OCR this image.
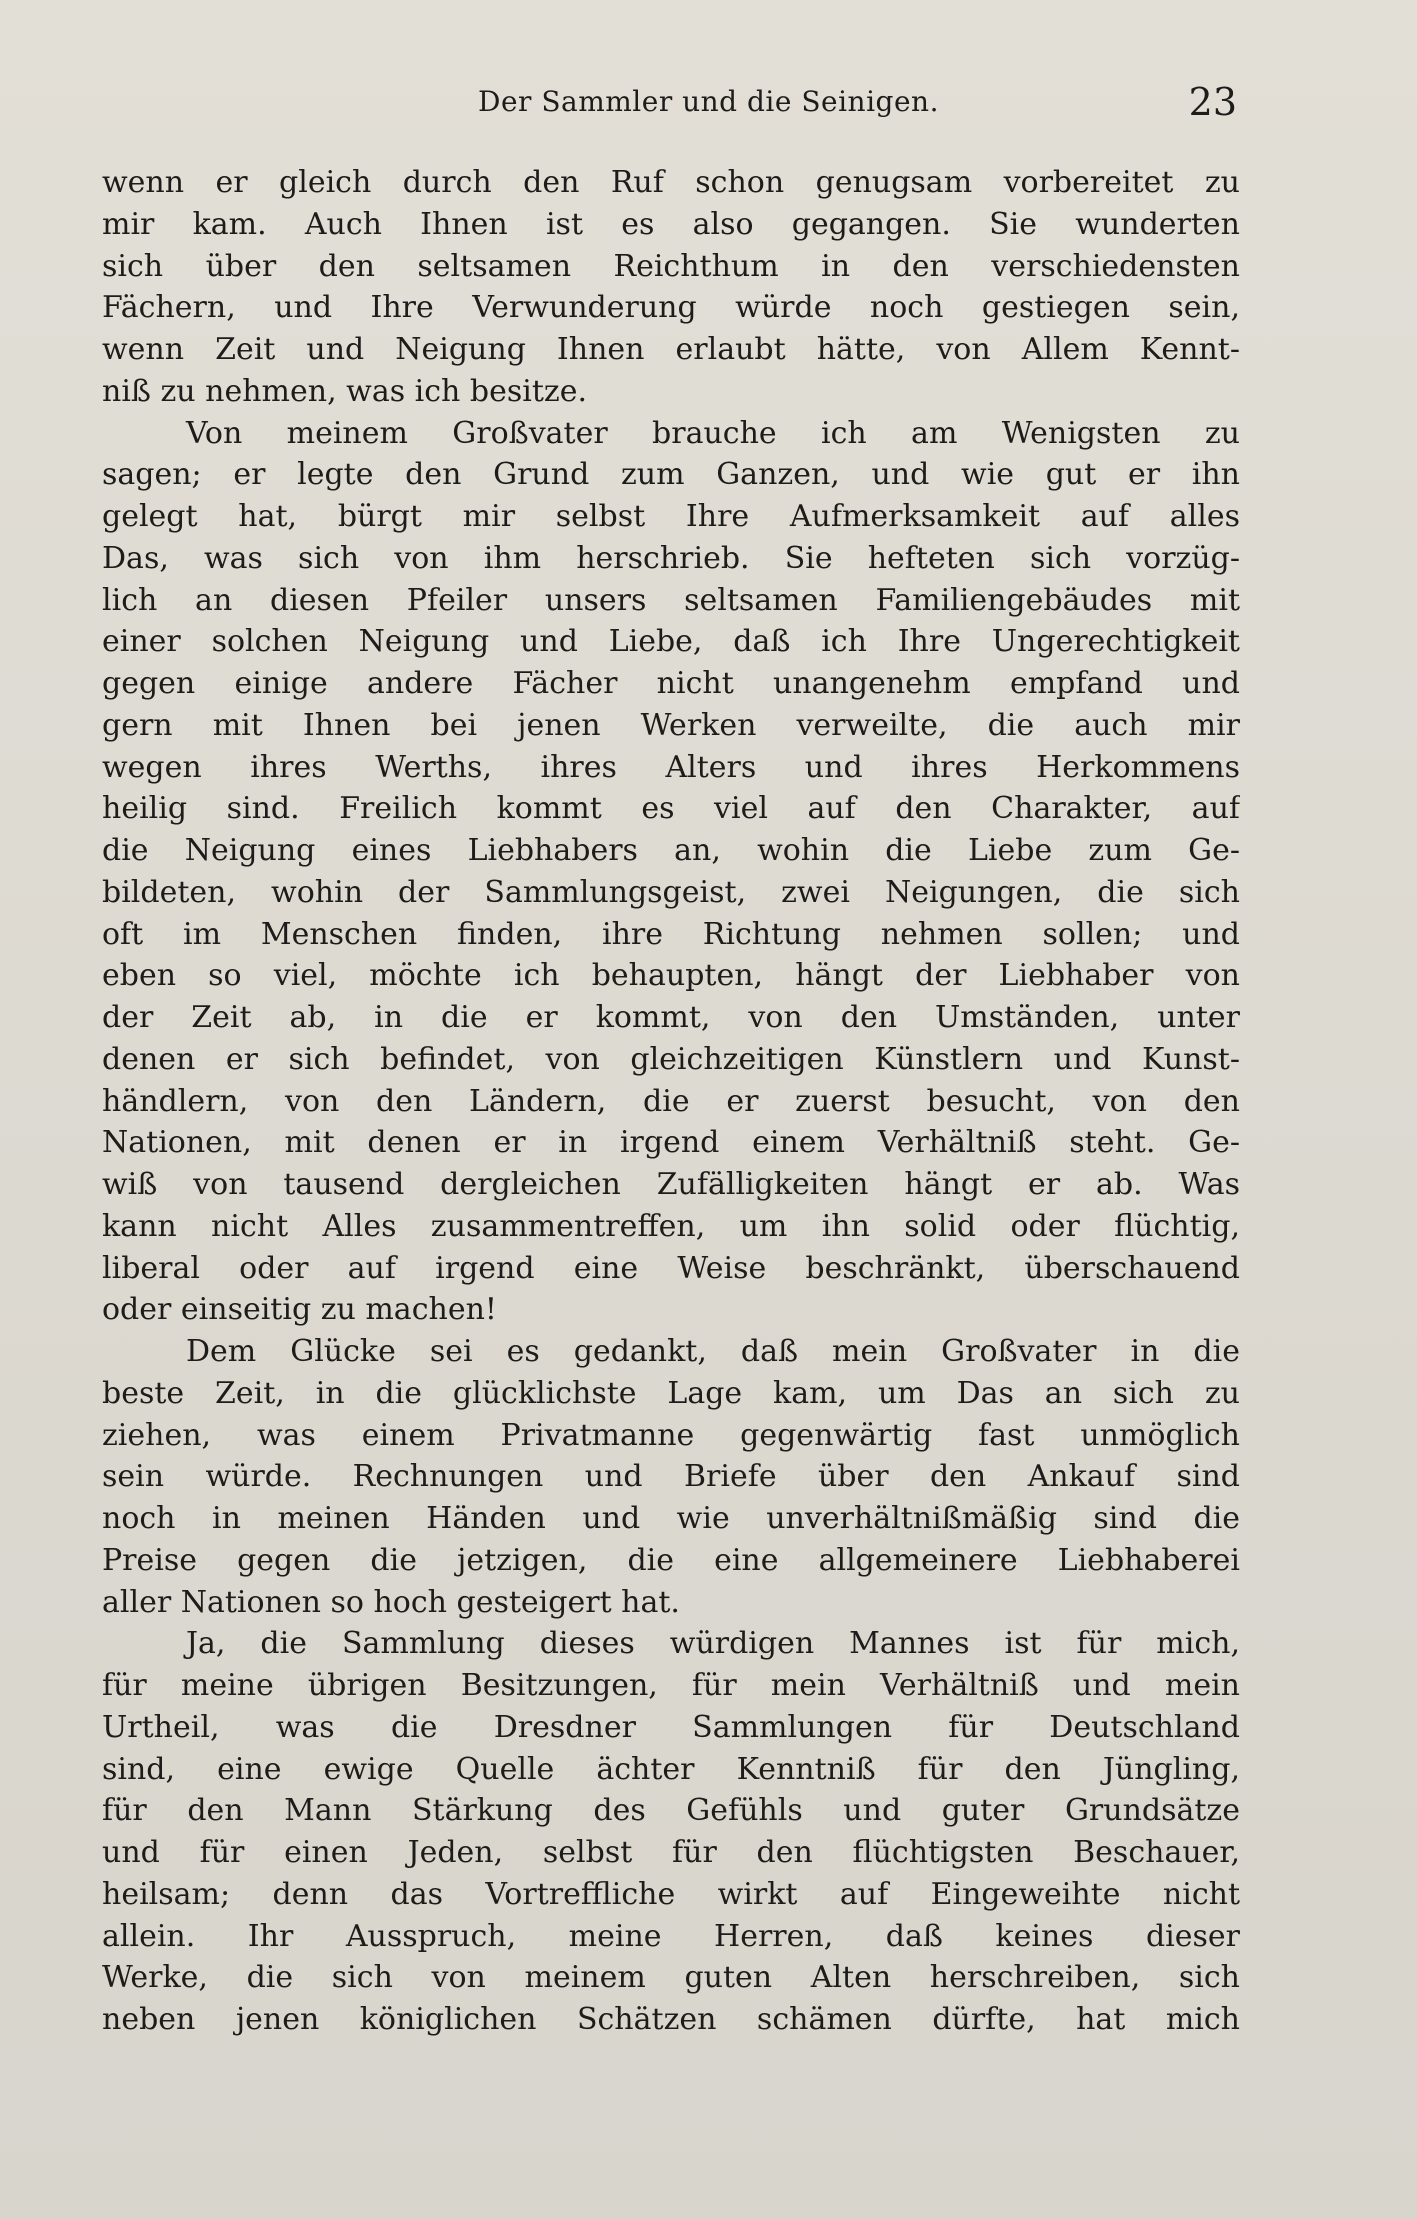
Der Sammler und die Seinigen.	23
wenn er gleich durch den Ruf schon genugsam vorbereitet zu
mir kam. Auch Ihnen ist es also gegangen. Sie wunderten
sich über den seltsamen Reichthum in den verschiedensten
Fächern, und Ihre Verwunderung würde noch gestiegen sein,
wenn Zeit und Neigung Ihnen erlaubt hätte, von Allem Kennt-
niß zu nehmen, was ich besitze.
Von meinem Großvater brauche ich am Wenigsten zu
sagen; er legte den Grund zum Ganzen, und wie gut er ihn
gelegt hat, bürgt mir selbst Ihre Aufmerksamkeit auf alles
Das, was sich von ihm herschrieb. Sie hefteten sich vorzüg-
lich an diesen Pfeiler unsers seltsamen Familiengebäudes mit
einer solchen Neigung und Liebe, daß ich Ihre Ungerechtigkeit
gegen einige andere Fächer nicht unangenehm empfand und
gern mit Ihnen bei jenen Werken verweilte, die auch mir
wegen ihres Werths, ihres Alters und ihres Herkommens
heilig sind. Freilich kommt es viel auf den Charakter, auf
die Neigung eines Liebhabers an, wohin die Liebe zum Ge-
bildeten, wohin der Sammlungsgeist, zwei Neigungen, die sich
oft im Menschen finden, ihre Richtung nehmen sollen; und
eben so viel, möchte ich behaupten, hängt der Liebhaber von
der Zeit ab, in die er kommt, von den Umständen, unter
denen er sich befindet, von gleichzeitigen Künstlern und Kunst-
händlern, von den Ländern, die er zuerst besucht, von den
Nationen, mit denen er in irgend einem Verhältniß steht. Ge-
wiß von tausend dergleichen Zufälligkeiten hängt er ab. Was
kann nicht Alles zusammentreffen, um ihn solid oder flüchtig,
liberal oder auf irgend eine Weise beschränkt, überschauend
oder einseitig zu machen!
Dem Glücke sei es gedankt, daß mein Großvater in die
beste Zeit, in die glücklichste Lage kam, um Das an sich zu
ziehen, was einem Privatmanne gegenwärtig fast unmöglich
sein würde. Rechnungen und Briefe über den Ankauf sind
noch in meinen Händen und wie unverhältnißmäßig sind die
Preise gegen die jetzigen, die eine allgemeinere Liebhaberei
aller Nationen so hoch gesteigert hat.
Ja, die Sammlung dieses würdigen Mannes ist für mich,
für meine übrigen Besitzungen, für mein Verhältniß und mein
Urtheil, was die Dresdner Sammlungen für Deutschland
sind, eine ewige Quelle ächter Kenntniß für den Jüngling,
für den Mann Stärkung des Gefühls und guter Grundsätze
und für einen Jeden, selbst für den flüchtigsten Beschauer,
heilsam; denn das Vortreffliche wirkt auf Eingeweihte nicht
allein. Ihr Ausspruch, meine Herren, daß keines dieser
Werke, die sich von meinem guten Alten herschreiben, sich
neben jenen königlichen Schätzen schämen dürfte, hat mich
